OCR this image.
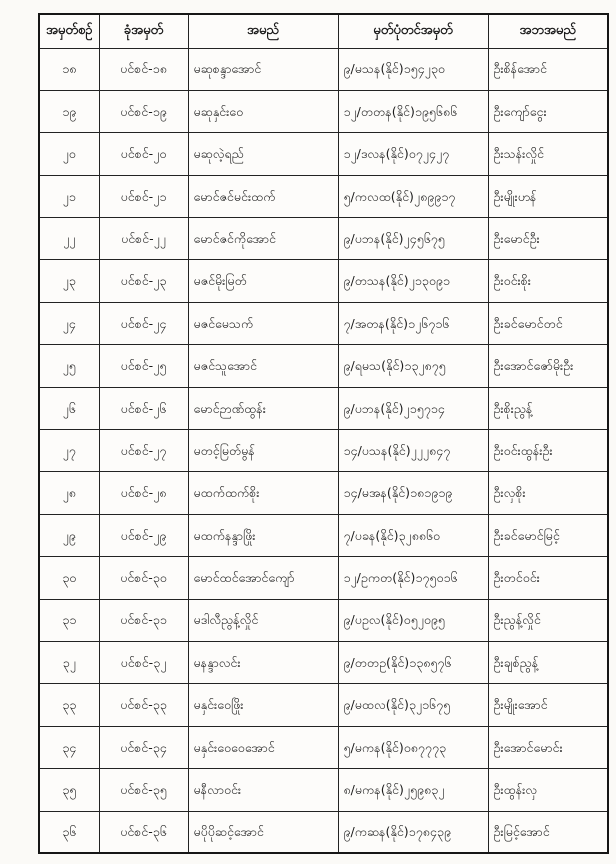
အမှတ်စဉ်	ခုံအမှတ်	အမည်	မှတ်ပုံတင်အမှတ်	အဘအမည်
၁၈	ပင်စင်-၁၈	မဆုစန္ဒာအောင်	၉/မသန(နိုင်)၁၅၄၂၃၀	ဦးစိန်အောင်
၁၉	ပင်စင်-၁၉	မဆုနှင်းဝေ	၁၂/တတန(နိုင်)၁၉၅၆၈၆	ဦးကျော်ငွေး
၂၀	ပင်စင်-၂၀	မဆုလဲ့ရည်	၁၂/ဒလန(နိုင်)၀၇၂၄၂၇	ဦးသန်းလှိုင်
၂၁	ပင်စင်-၂၁	မောင်ဇင်မင်းထက်	၅/ကလထ(နိုင်)၂၈၉၉၁၇	ဦးမျိုးဟန်
၂၂	ပင်စင်-၂၂	မောင်ဇင်ကိုအောင်	၉/ပဘန(နိုင်)၂၄၅၆၇၅	ဦးမောင်ဦး
၂၃	ပင်စင်-၂၃	မဇင်မိုးမြတ်	၉/တသန(နိုင်)၂၁၃၀၉၁	ဦးဝင်းစိုး
၂၄	ပင်စင်-၂၄	မဇင်မေသက်	၇/အတန(နိုင်)၁၂၆၇၁၆	ဦးခင်မောင်တင်
၂၅	ပင်စင်-၂၅	မဇင်သူအောင်	၉/ရမသ(နိုင်)၁၃၂၈၇၅	ဦးအောင်ဇော်မိုးဦး
၂၆	ပင်စင်-၂၆	မောင်ဉာဏ်ထွန်း	၉/ပဘန(နိုင်)၂၁၅၇၁၄	ဦးစိုးညွန့်
၂၇	ပင်စင်-၂၇	မတင့်မြတ်မွန်	၁၄/ပသန(နိုင်)၂၂၂၈၄၇	ဦးဝင်းထွန်းဦး
၂၈	ပင်စင်-၂၈	မထက်ထက်စိုး	၁၄/မအန(နိုင်)၁၈၁၉၁၉	ဦးလှစိုး
၂၉	ပင်စင်-၂၉	မထက်နန္ဒာဖြိုး	၇/ပခန(နိုင်)၃၂၈၈၆၀	ဦးခင်မောင်မြင့်
၃၀	ပင်စင်-၃၀	မောင်ထင်အောင်ကျော်	၁၂/ဥကတ(နိုင်)၁၇၅၀၁၆	ဦးတင်ဝင်း
၃၁	ပင်စင်-၃၁	မဒါလီညွန့်လှိုင်	၉/ပဥလ(နိုင်)၀၅၂၀၉၅	ဦးညွန့်လှိုင်
၃၂	ပင်စင်-၃၂	မနန္ဒာလင်း	၉/တတဥ(နိုင်)၁၃၈၅၇၆	ဦးချစ်ညွန့်
၃၃	ပင်စင်-၃၃	မနှင်းဝေဖြိုး	၉/မထလ(နိုင်)၃၂၁၆၇၅	ဦးမျိုးအောင်
၃၄	ပင်စင်-၃၄	မနှင်းဝေဝေအောင်	၅/မကန(နိုင်)၀၈၇၇၇၃	ဦးအောင်မောင်း
၃၅	ပင်စင်-၃၅	မနီလာဝင်း	၈/မကန(နိုင်)၂၅၉၈၃၂	ဦးထွန်းလှ
၃၆	ပင်စင်-၃၆	မပိုပိုဆင့်အောင်	၉/ကဆန(နိုင်)၁၇၈၄၃၉	ဦးမြင့်အောင်
